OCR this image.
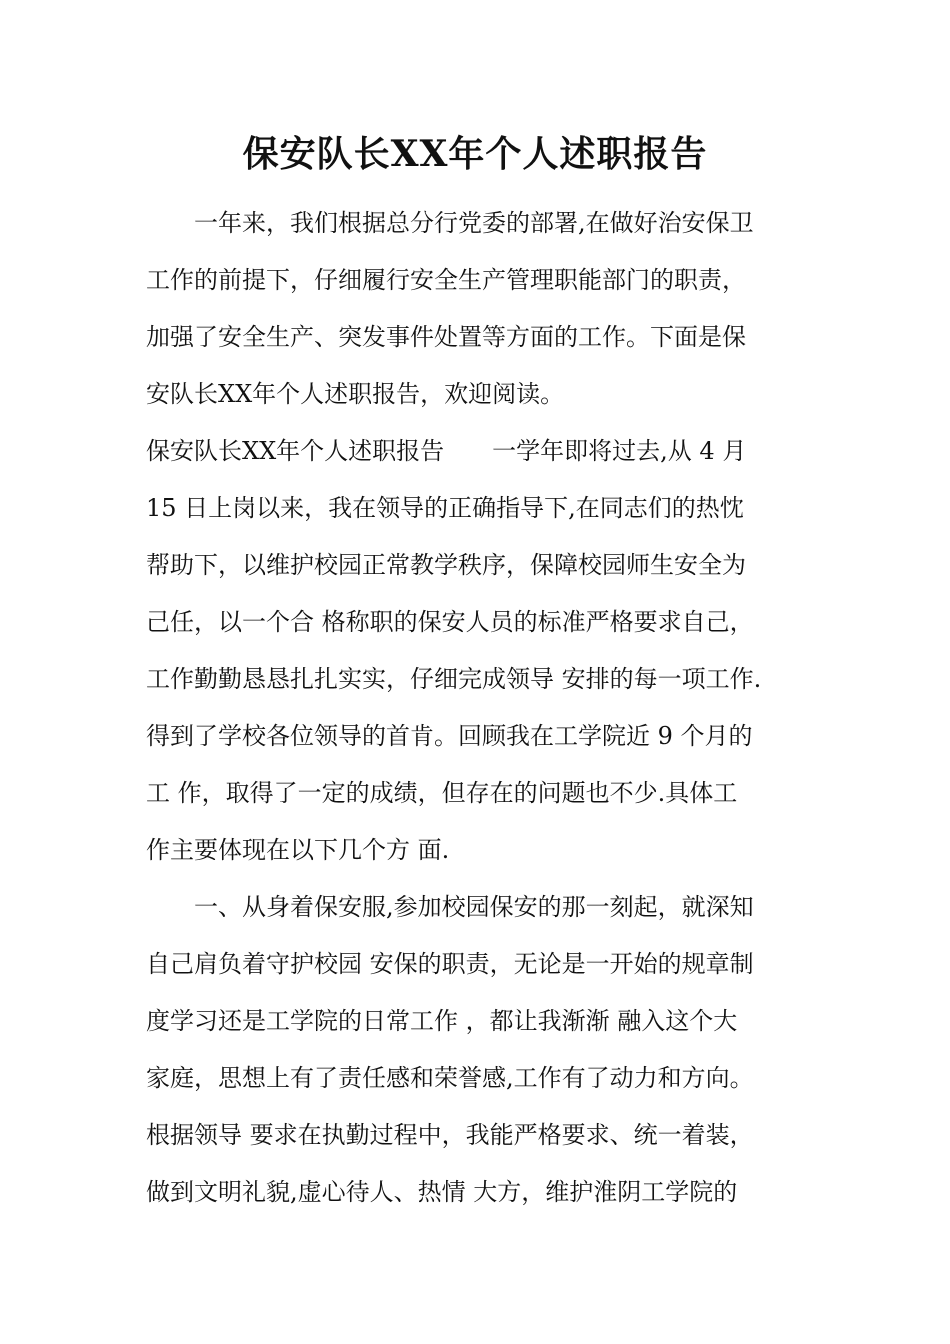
保安队长XX年个人述职报告
　　一年来，我们根据总分行党委的部署,在做好治安保卫
工作的前提下，仔细履行安全生产管理职能部门的职责，
加强了安全生产、突发事件处置等方面的工作。下面是保
安队长XX年个人述职报告，欢迎阅读。
保安队长XX年个人述职报告　　一学年即将过去,从 4 月
15 日上岗以来，我在领导的正确指导下,在同志们的热忱
帮助下，以维护校园正常教学秩序，保障校园师生安全为
己任，以一个合 格称职的保安人员的标准严格要求自己，
工作勤勤恳恳扎扎实实，仔细完成领导 安排的每一项工作.
得到了学校各位领导的首肯。回顾我在工学院近 9 个月的
工 作，取得了一定的成绩，但存在的问题也不少.具体工
作主要体现在以下几个方 面.
　　一、从身着保安服,参加校园保安的那一刻起，就深知
自己肩负着守护校园 安保的职责，无论是一开始的规章制
度学习还是工学院的日常工作 ，都让我渐渐 融入这个大
家庭，思想上有了责任感和荣誉感,工作有了动力和方向。
根据领导 要求在执勤过程中，我能严格要求、统一着装，
做到文明礼貌,虚心待人、热情 大方，维护淮阴工学院的
